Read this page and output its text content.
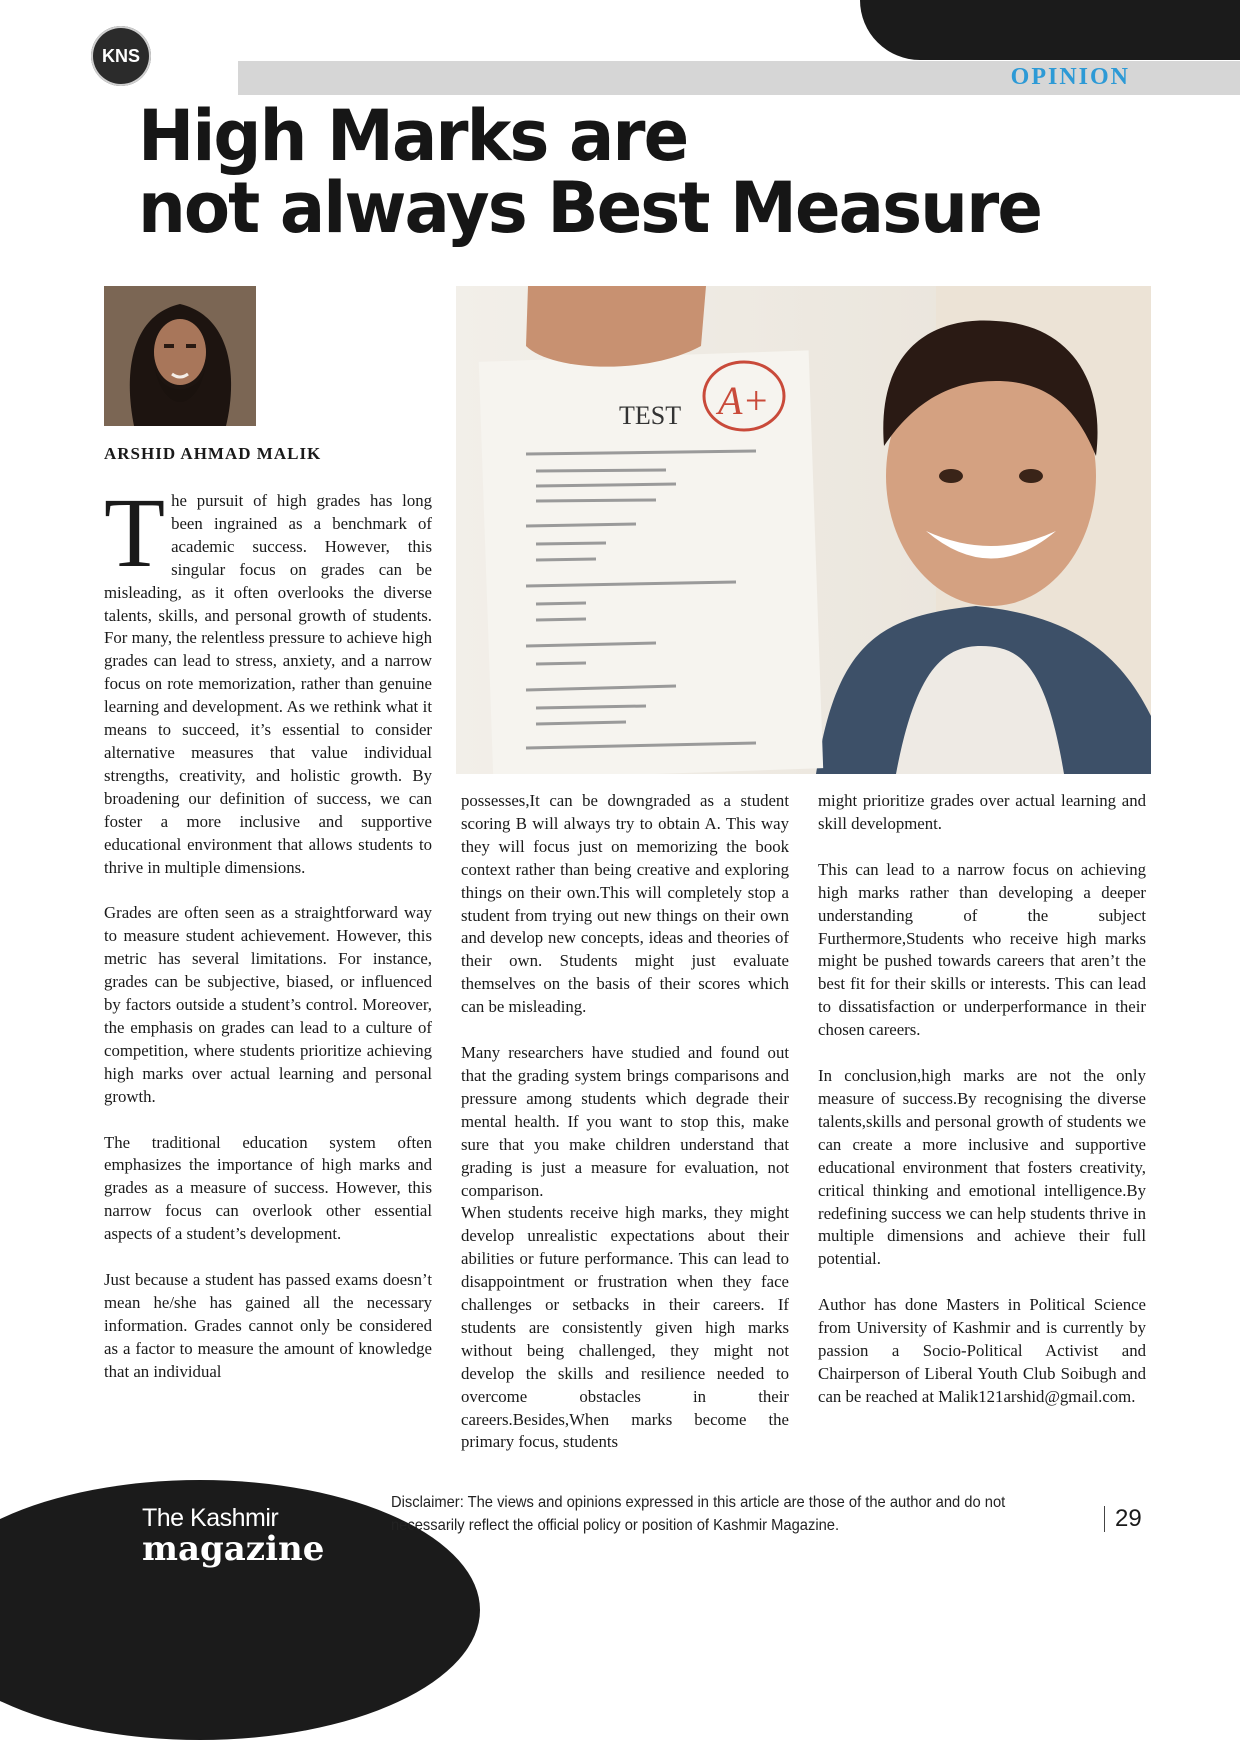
KNS
OPINION
High Marks are
not always Best Measure
ARSHID AHMAD MALIK
TEST A+

The pursuit of high grades has long been ingrained as a benchmark of academic success. However, this singular focus on grades can be misleading, as it often overlooks the diverse talents, skills, and personal growth of students. For many, the relentless pressure to achieve high grades can lead to stress, anxiety, and a narrow focus on rote memorization, rather than genuine learning and development. As we rethink what it means to succeed, it’s essential to consider alternative measures that value individual strengths, creativity, and holistic growth. By broadening our definition of success, we can foster a more inclusive and supportive educational environment that allows students to thrive in multiple dimensions.

Grades are often seen as a straightforward way to measure student achievement. However, this metric has several limitations. For instance, grades can be subjective, biased, or influenced by factors outside a student’s control. Moreover, the emphasis on grades can lead to a culture of competition, where students prioritize achieving high marks over actual learning and personal growth.

The traditional education system often emphasizes the importance of high marks and grades as a measure of success. However, this narrow focus can overlook other essential aspects of a student’s development.

Just because a student has passed exams doesn’t mean he/she has gained all the necessary information. Grades cannot only be considered as a factor to measure the amount of knowledge that an individual

possesses,It can be downgraded as a student scoring B will always try to obtain A. This way they will focus just on memorizing the book context rather than being creative and exploring things on their own.This will completely stop a student from trying out new things on their own and develop new concepts, ideas and theories of their own. Students might just evaluate themselves on the basis of their scores which can be misleading.

Many researchers have studied and found out that the grading system brings comparisons and pressure among students which degrade their mental health. If you want to stop this, make sure that you make children understand that grading is just a measure for evaluation, not comparison.

When students receive high marks, they might develop unrealistic expectations about their abilities or future performance. This can lead to disappointment or frustration when they face challenges or setbacks in their careers. If students are consistently given high marks without being challenged, they might not develop the skills and resilience needed to overcome obstacles in their careers.Besides,When marks become the primary focus, students

might prioritize grades over actual learning and skill development.

This can lead to a narrow focus on achieving high marks rather than developing a deeper understanding of the subject Furthermore,Students who receive high marks might be pushed towards careers that aren’t the best fit for their skills or interests. This can lead to dissatisfaction or underperformance in their chosen careers.

In conclusion,high marks are not the only measure of success.By recognising the diverse talents,skills and personal growth of students we can create a more inclusive and supportive educational environment that fosters creativity, critical thinking and emotional intelligence.By redefining success we can help students thrive in multiple dimensions and achieve their full potential.

Author has done Masters in Political Science from University of Kashmir and is currently by passion a Socio-Political Activist and Chairperson of Liberal Youth Club Soibugh and can be reached at Malik121arshid@gmail.com.

The Kashmir
magazine
Disclaimer: The views and opinions expressed in this article are those of the author and do not necessarily reflect the official policy or position of Kashmir Magazine.	29
